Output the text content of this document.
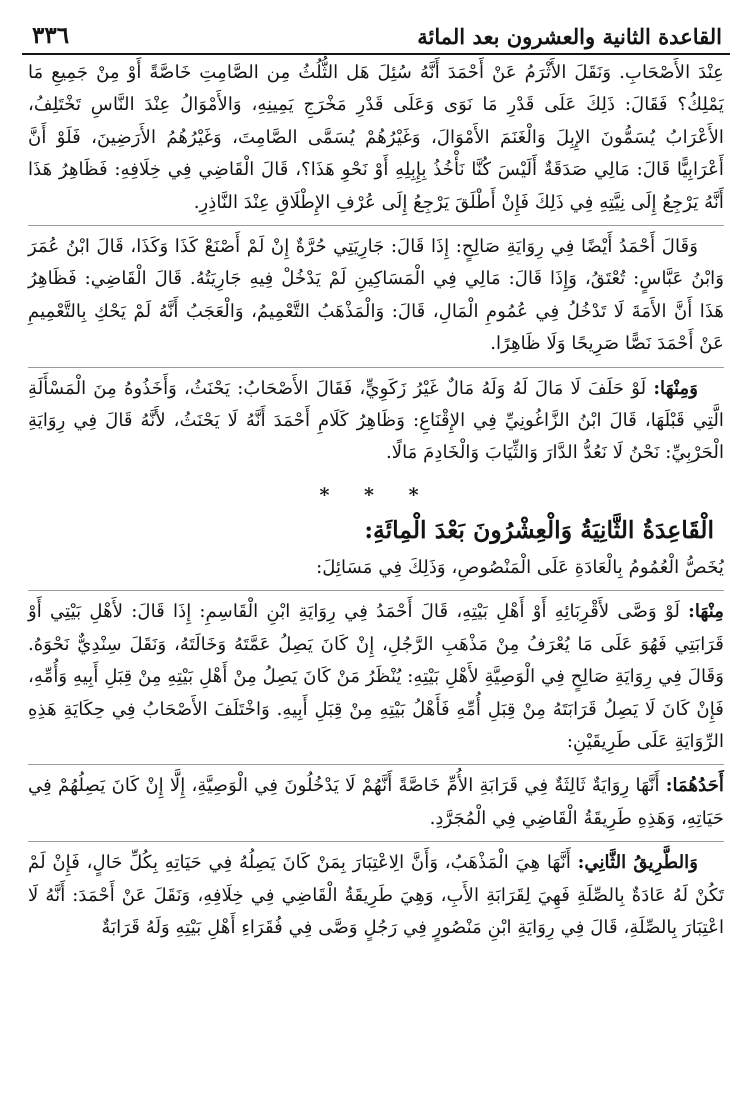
القاعدة الثانية والعشرون بعد المائة
٣٣٦

عِنْدَ الأَصْحَابِ. وَنَقَلَ الأَثْرَمُ عَنْ أَحْمَدَ أَنَّهُ سُئِلَ هَل الثُّلُثُ مِن الصَّامِتِ خَاصَّةً أَوْ مِنْ جَمِيعِ مَا يَمْلِكُ؟ فَقَالَ: ذَلِكَ عَلَى قَدْرِ مَا نَوَى وَعَلَى قَدْرِ مَخْرَجِ يَمِينِهِ، وَالأَمْوَالُ عِنْدَ النَّاسِ تَخْتَلِفُ، الأَعْرَابُ يُسَمُّونَ الإِبِلَ وَالْغَنَمَ الأَمْوَالَ، وَغَيْرُهُمْ يُسَمَّى الصَّامِتَ، وَغَيْرُهُمُ الأَرَضِينَ، فَلَوْ أَنَّ أَعْرَابِيًّا قَالَ: مَالِي صَدَقَةٌ أَلَيْسَ كُنَّا نَأْخُذُ بِإِبِلِهِ أَوْ نَحْوِ هَذَا؟، قَالَ الْقَاضِي فِي خِلَافِهِ: فَظَاهِرُ هَذَا أَنَّهُ يَرْجِعُ إِلَى نِيَّتِهِ فِي ذَلِكَ فَإِنْ أَطْلَقَ يَرْجِعُ إِلَى عُرْفِ الإِطْلَاقِ عِنْدَ النَّاذِرِ.

وَقَالَ أَحْمَدُ أَيْضًا فِي رِوَايَةِ صَالِحٍ: إِذَا قَالَ: جَارِيَتِي حُرَّةٌ إِنْ لَمْ أَصْنَعْ كَذَا وَكَذَا، قَالَ ابْنُ عُمَرَ وَابْنُ عَبَّاسٍ: تُعْتَقُ، وَإِذَا قَالَ: مَالِي فِي الْمَسَاكِينِ لَمْ يَدْخُلْ فِيهِ جَارِيَتُهُ. قَالَ الْقَاضِي: فَظَاهِرُ هَذَا أَنَّ الأَمَةَ لَا تَدْخُلُ فِي عُمُومِ الْمَالِ، قَالَ: وَالْمَذْهَبُ التَّعْمِيمُ، وَالْعَجَبُ أَنَّهُ لَمْ يَحْكِ بِالتَّعْمِيمِ عَنْ أَحْمَدَ نَصًّا صَرِيحًا وَلَا ظَاهِرًا.

وَمِنْهَا: لَوْ حَلَفَ لَا مَالَ لَهُ وَلَهُ مَالٌ غَيْرُ زَكَوِيٍّ، فَقَالَ الأَصْحَابُ: يَحْنَثُ، وَأَخَذُوهُ مِنَ الْمَسْأَلَةِ الَّتِي قَبْلَهَا، قَالَ ابْنُ الزَّاغُونِيِّ فِي الإِقْنَاعِ: وَظَاهِرُ كَلَامِ أَحْمَدَ أَنَّهُ لَا يَحْنَثُ، لأَنَّهُ قَالَ فِي رِوَايَةِ الْحَرْبِيِّ: نَحْنُ لَا نَعُدُّ الدَّارَ وَالثِّيَابَ وَالْخَادِمَ مَالًا.

* * *
الْقَاعِدَةُ الثَّانِيَةُ وَالْعِشْرُونَ بَعْدَ الْمِائَةِ:

يُخَصُّ الْعُمُومُ بِالْعَادَةِ عَلَى الْمَنْصُوصِ، وَذَلِكَ فِي مَسَائِلَ:

مِنْهَا: لَوْ وَصَّى لأَقْرِبَائِهِ أَوْ أَهْلِ بَيْتِهِ، قَالَ أَحْمَدُ فِي رِوَايَةِ ابْنِ الْقَاسِمِ: إِذَا قَالَ: لأَهْلِ بَيْتِي أَوْ قَرَابَتِي فَهُوَ عَلَى مَا يُعْرَفُ مِنْ مَذْهَبِ الرَّجُلِ، إِنْ كَانَ يَصِلُ عَمَّتَهُ وَخَالَتَهُ، وَنَقَلَ سِنْدِيٌّ نَحْوَهُ. وَقَالَ فِي رِوَايَةِ صَالِحٍ فِي الْوَصِيَّةِ لأَهْلِ بَيْتِهِ: يُنْظَرُ مَنْ كَانَ يَصِلُ مِنْ أَهْلِ بَيْتِهِ مِنْ قِبَلِ أَبِيهِ وَأُمِّهِ، فَإِنْ كَانَ لَا يَصِلُ قَرَابَتَهُ مِنْ قِبَلِ أُمِّهِ فَأَهْلُ بَيْتِهِ مِنْ قِبَلِ أَبِيهِ. وَاخْتَلَفَ الأَصْحَابُ فِي حِكَايَةِ هَذِهِ الرِّوَايَةِ عَلَى طَرِيقَيْنِ:

أَحَدُهُمَا: أَنَّهَا رِوَايَةٌ ثَالِثَةٌ فِي قَرَابَةِ الأُمِّ خَاصَّةً أَنَّهُمْ لَا يَدْخُلُونَ فِي الْوَصِيَّةِ، إِلَّا إِنْ كَانَ يَصِلُهُمْ فِي حَيَاتِهِ، وَهَذِهِ طَرِيقَةُ الْقَاضِي فِي الْمُجَرَّدِ.

وَالطَّرِيقُ الثَّانِي: أَنَّهَا هِيَ الْمَذْهَبُ، وَأَنَّ الِاعْتِبَارَ بِمَنْ كَانَ يَصِلُهُ فِي حَيَاتِهِ بِكُلِّ حَالٍ، فَإِنْ لَمْ تَكُنْ لَهُ عَادَةٌ بِالصِّلَةِ فَهِيَ لِقَرَابَةِ الأَبِ، وَهِيَ طَرِيقَةُ الْقَاضِي فِي خِلَافِهِ، وَنَقَلَ عَنْ أَحْمَدَ: أَنَّهُ لَا اعْتِبَارَ بِالصِّلَةِ، قَالَ فِي رِوَايَةِ ابْنِ مَنْصُورٍ فِي رَجُلٍ وَصَّى فِي فُقَرَاءِ أَهْلِ بَيْتِهِ وَلَهُ قَرَابَةٌ
